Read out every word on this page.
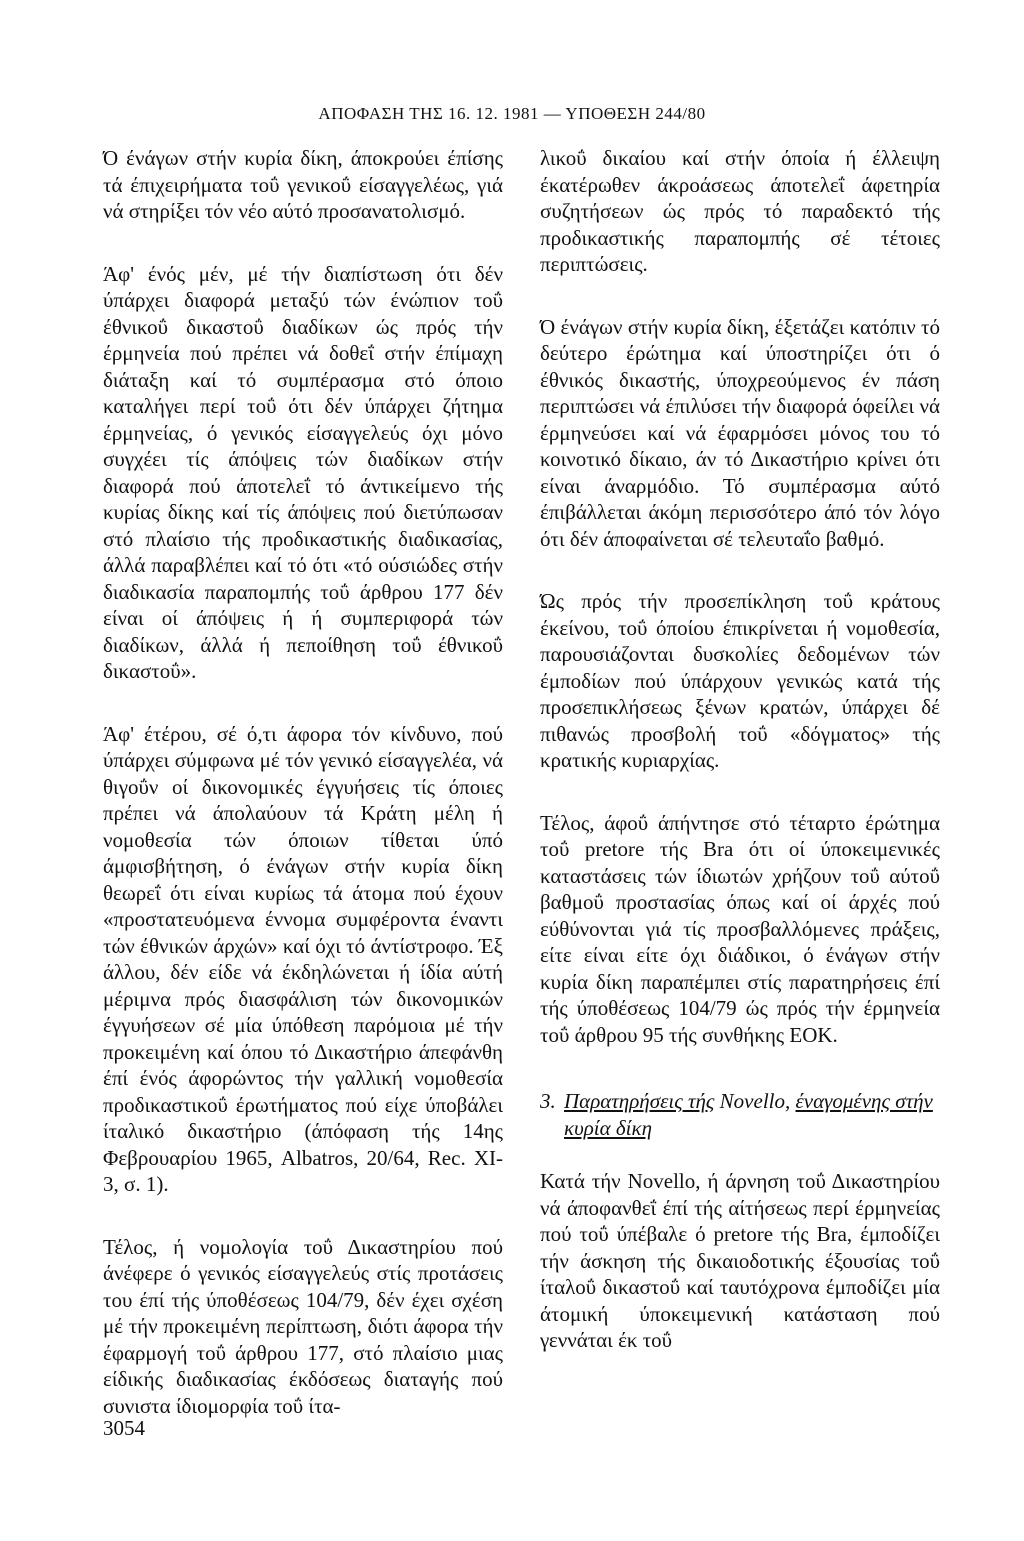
ΑΠΟΦΑΣΗ ΤΗΣ 16. 12. 1981 — ΥΠΟΘΕΣΗ 244/80

Ό ένάγων στήν κυρία δίκη, άποκρούει έπίσης τά έπιχειρήματα τοΰ γενικοΰ είσαγγελέως, γιά νά στηρίξει τόν νέο αύτό προσανατολισμό.

Άφ' ένός μέν, μέ τήν διαπίστωση ότι δέν ύπάρχει διαφορά μεταξύ τών ένώπιον τοΰ έθνικοΰ δικαστοΰ διαδίκων ώς πρός τήν έρμηνεία πού πρέπει νά δοθεΐ στήν έπίμαχη διάταξη καί τό συμπέρασμα στό όποιο καταλήγει περί τοΰ ότι δέν ύπάρχει ζήτημα έρμηνείας, ό γενικός είσαγγελεύς όχι μόνο συγχέει τίς άπόψεις τών διαδίκων στήν διαφορά πού άποτελεΐ τό άντικείμενο τής κυρίας δίκης καί τίς άπόψεις πού διετύπωσαν στό πλαίσιο τής προδικαστικής διαδικασίας, άλλά παραβλέπει καί τό ότι «τό ούσιώδες στήν διαδικασία παραπομπής τοΰ άρθρου 177 δέν είναι οί άπόψεις ή ή συμπεριφορά τών διαδίκων, άλλά ή πεποίθηση τοΰ έθνικοΰ δικαστοΰ».

Άφ' έτέρου, σέ ό,τι άφορα τόν κίνδυνο, πού ύπάρχει σύμφωνα μέ τόν γενικό είσαγγελέα, νά θιγοΰν οί δικονομικές έγγυήσεις τίς όποιες πρέπει νά άπολαύουν τά Κράτη μέλη ή νομοθεσία τών όποιων τίθεται ύπό άμφισβήτηση, ό ένάγων στήν κυρία δίκη θεωρεΐ ότι είναι κυρίως τά άτομα πού έχουν «προστατευόμενα έννομα συμφέροντα έναντι τών έθνικών άρχών» καί όχι τό άντίστροφο. Έξ άλλου, δέν είδε νά έκδηλώνεται ή ίδία αύτή μέριμνα πρός διασφάλιση τών δικονομικών έγγυήσεων σέ μία ύπόθεση παρόμοια μέ τήν προκειμένη καί όπου τό Δικαστήριο άπεφάνθη έπί ένός άφορώντος τήν γαλλική νομοθεσία προδικαστικοΰ έρωτήματος πού είχε ύποβάλει ίταλικό δικαστήριο (άπόφαση τής 14ης Φεβρουαρίου 1965, Albatros, 20/64, Rec. XI-3, σ. 1).

Τέλος, ή νομολογία τοΰ Δικαστηρίου πού άνέφερε ό γενικός είσαγγελεύς στίς προτάσεις του έπί τής ύποθέσεως 104/79, δέν έχει σχέση μέ τήν προκειμένη περίπτωση, διότι άφορα τήν έφαρμογή τοΰ άρθρου 177, στό πλαίσιο μιας είδικής διαδικασίας έκδόσεως διαταγής πού συνιστα ίδιομορφία τοΰ ίτα-

λικοΰ δικαίου καί στήν όποία ή έλλειψη έκατέρωθεν άκροάσεως άποτελεΐ άφετηρία συζητήσεων ώς πρός τό παραδεκτό τής προδικαστικής παραπομπής σέ τέτοιες περιπτώσεις.

Ό ένάγων στήν κυρία δίκη, έξετάζει κατόπιν τό δεύτερο έρώτημα καί ύποστηρίζει ότι ό έθνικός δικαστής, ύποχρεούμενος έν πάση περιπτώσει νά έπιλύσει τήν διαφορά όφείλει νά έρμηνεύσει καί νά έφαρμόσει μόνος του τό κοινοτικό δίκαιο, άν τό Δικαστήριο κρίνει ότι είναι άναρμόδιο. Τό συμπέρασμα αύτό έπιβάλλεται άκόμη περισσότερο άπό τόν λόγο ότι δέν άποφαίνεται σέ τελευταΐο βαθμό.

Ώς πρός τήν προσεπίκληση τοΰ κράτους έκείνου, τοΰ όποίου έπικρίνεται ή νομοθεσία, παρουσιάζονται δυσκολίες δεδομένων τών έμποδίων πού ύπάρχουν γενικώς κατά τής προσεπικλήσεως ξένων κρατών, ύπάρχει δέ πιθανώς προσβολή τοΰ «δόγματος» τής κρατικής κυριαρχίας.

Τέλος, άφοΰ άπήντησε στό τέταρτο έρώτημα τοΰ pretore τής Bra ότι οί ύποκειμενικές καταστάσεις τών ίδιωτών χρήζουν τοΰ αύτοΰ βαθμοΰ προστασίας όπως καί οί άρχές πού εύθύνονται γιά τίς προσβαλλόμενες πράξεις, είτε είναι είτε όχι διάδικοι, ό ένάγων στήν κυρία δίκη παραπέμπει στίς παρατηρήσεις έπί τής ύποθέσεως 104/79 ώς πρός τήν έρμηνεία τοΰ άρθρου 95 τής συνθήκης ΕΟΚ.

3. Παρατηρήσεις τής Novello, έναγομένης στήν κυρία δίκη

Κατά τήν Novello, ή άρνηση τοΰ Δικαστηρίου νά άποφανθεΐ έπί τής αίτήσεως περί έρμηνείας πού τοΰ ύπέβαλε ό pretore τής Bra, έμποδίζει τήν άσκηση τής δικαιοδοτικής έξουσίας τοΰ ίταλοΰ δικαστοΰ καί ταυτόχρονα έμποδίζει μία άτομική ύποκειμενική κατάσταση πού γεννάται έκ τοΰ

3054
